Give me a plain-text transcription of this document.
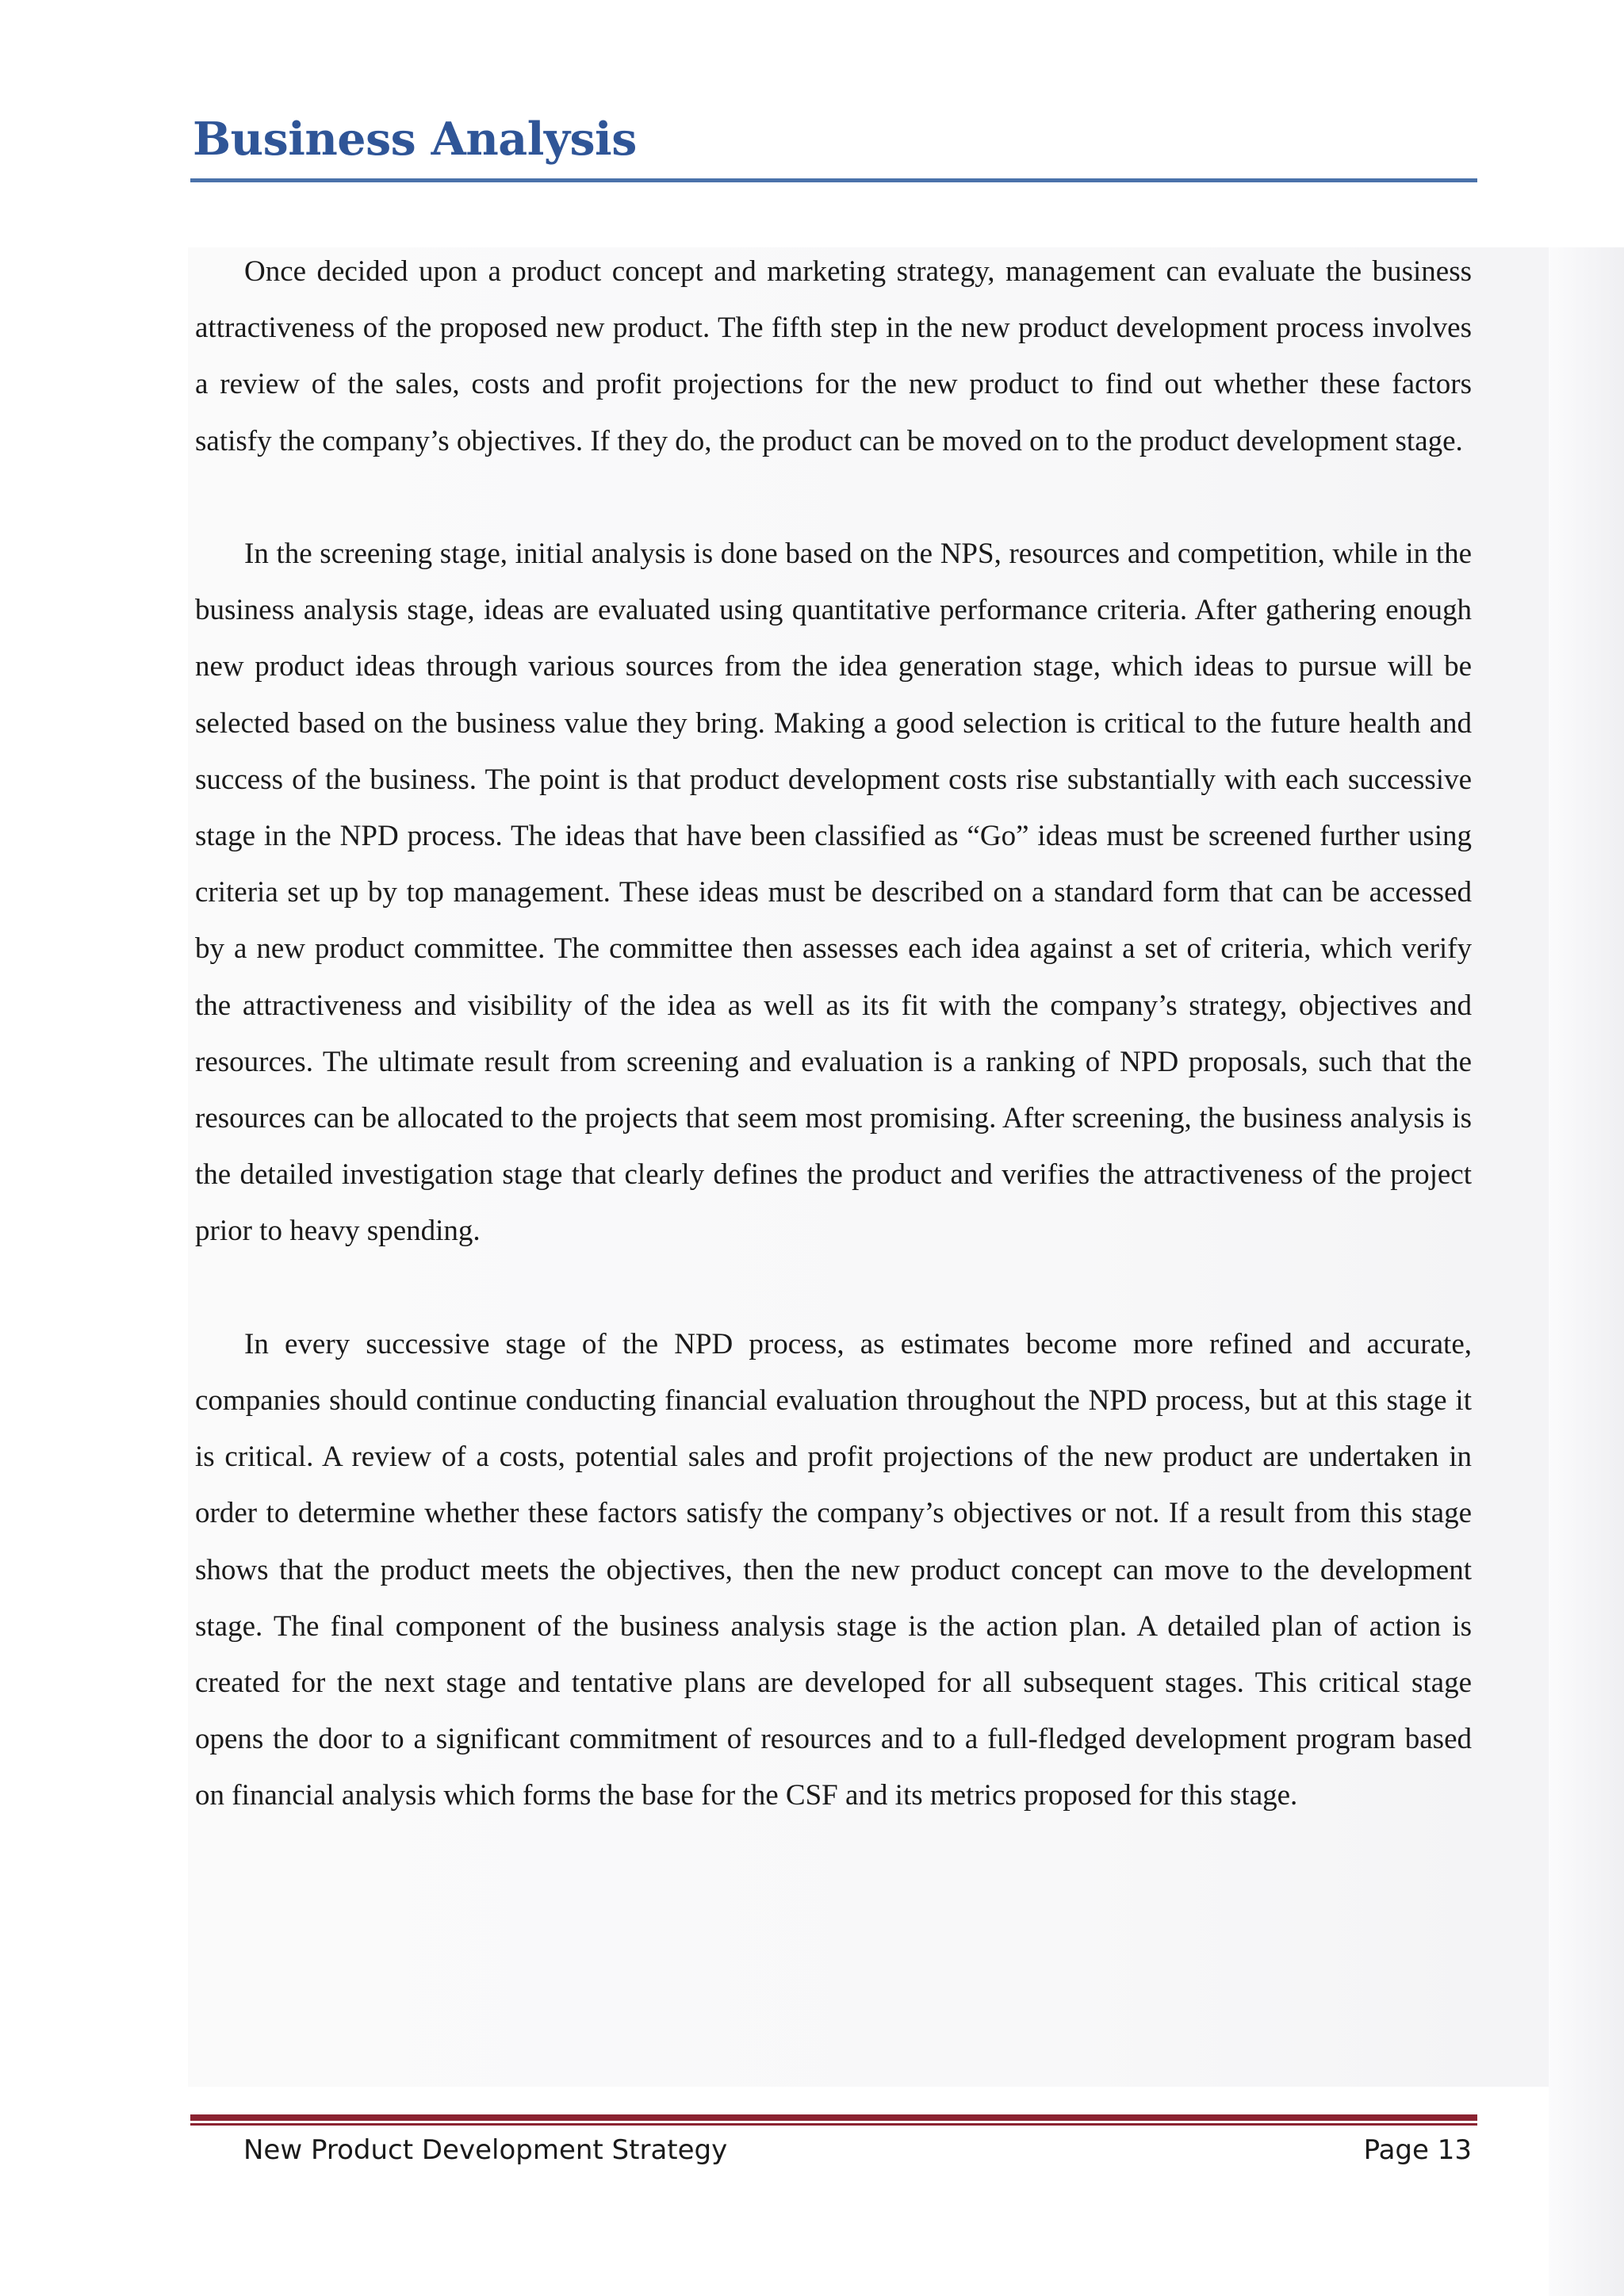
Business Analysis

Once decided upon a product concept and marketing strategy, management can evaluate the business attractiveness of the proposed new product. The fifth step in the new product development process involves a review of the sales, costs and profit projections for the new product to find out whether these factors satisfy the company’s objectives. If they do, the product can be moved on to the product development stage.

In the screening stage, initial analysis is done based on the NPS, resources and competition, while in the business analysis stage, ideas are evaluated using quantitative performance criteria. After gathering enough new product ideas through various sources from the idea generation stage, which ideas to pursue will be selected based on the business value they bring. Making a good selection is critical to the future health and success of the business. The point is that product development costs rise substantially with each successive stage in the NPD process. The ideas that have been classified as “Go” ideas must be screened further using criteria set up by top management. These ideas must be described on a standard form that can be accessed by a new product committee. The committee then assesses each idea against a set of criteria, which verify the attractiveness and visibility of the idea as well as its fit with the company’s strategy, objectives and resources. The ultimate result from screening and evaluation is a ranking of NPD proposals, such that the resources can be allocated to the projects that seem most promising. After screening, the business analysis is the detailed investigation stage that clearly defines the product and verifies the attractiveness of the project prior to heavy spending.

In every successive stage of the NPD process, as estimates become more refined and accurate, companies should continue conducting financial evaluation throughout the NPD process, but at this stage it is critical. A review of a costs, potential sales and profit projections of the new product are undertaken in order to determine whether these factors satisfy the company’s objectives or not. If a result from this stage shows that the product meets the objectives, then the new product concept can move to the development stage. The final component of the business analysis stage is the action plan. A detailed plan of action is created for the next stage and tentative plans are developed for all subsequent stages. This critical stage opens the door to a significant commitment of resources and to a full-fledged development program based on financial analysis which forms the base for the CSF and its metrics proposed for this stage.

New Product Development Strategy	Page 13
